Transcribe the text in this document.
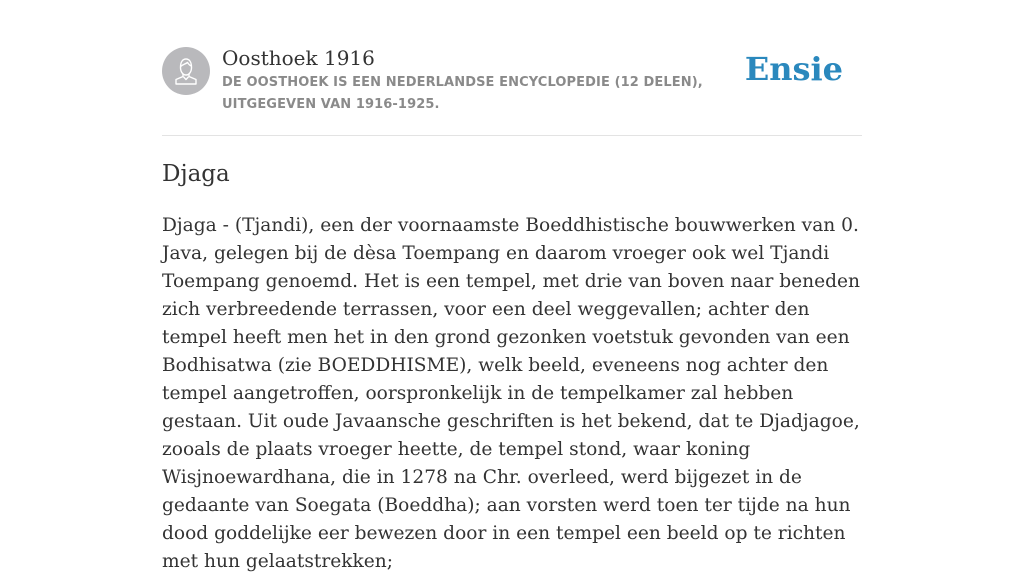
Oosthoek 1916

DE OOSTHOEK IS EEN NEDERLANDSE ENCYCLOPEDIE (12 DELEN), UITGEGEVEN VAN 1916-1925.

Ensie
Djaga

Djaga - (Tjandi), een der voornaamste Boeddhistische bouwwerken van 0. Java, gelegen bij de dèsa Toempang en daarom vroeger ook wel Tjandi Toempang genoemd. Het is een tempel, met drie van boven naar beneden zich verbreedende terrassen, voor een deel weggevallen; achter den tempel heeft men het in den grond gezonken voetstuk gevonden van een Bodhisatwa (zie BOEDDHISME), welk beeld, eveneens nog achter den tempel aangetroffen, oorspronkelijk in de tempelkamer zal hebben gestaan. Uit oude Javaansche geschriften is het bekend, dat te Djadjagoe, zooals de plaats vroeger heette, de tempel stond, waar koning Wisjnoewardhana, die in 1278 na Chr. overleed, werd bijgezet in de gedaante van Soegata (Boeddha); aan vorsten werd toen ter tijde na hun dood goddelijke eer bewezen door in een tempel een beeld op te richten met hun gelaatstrekken;
